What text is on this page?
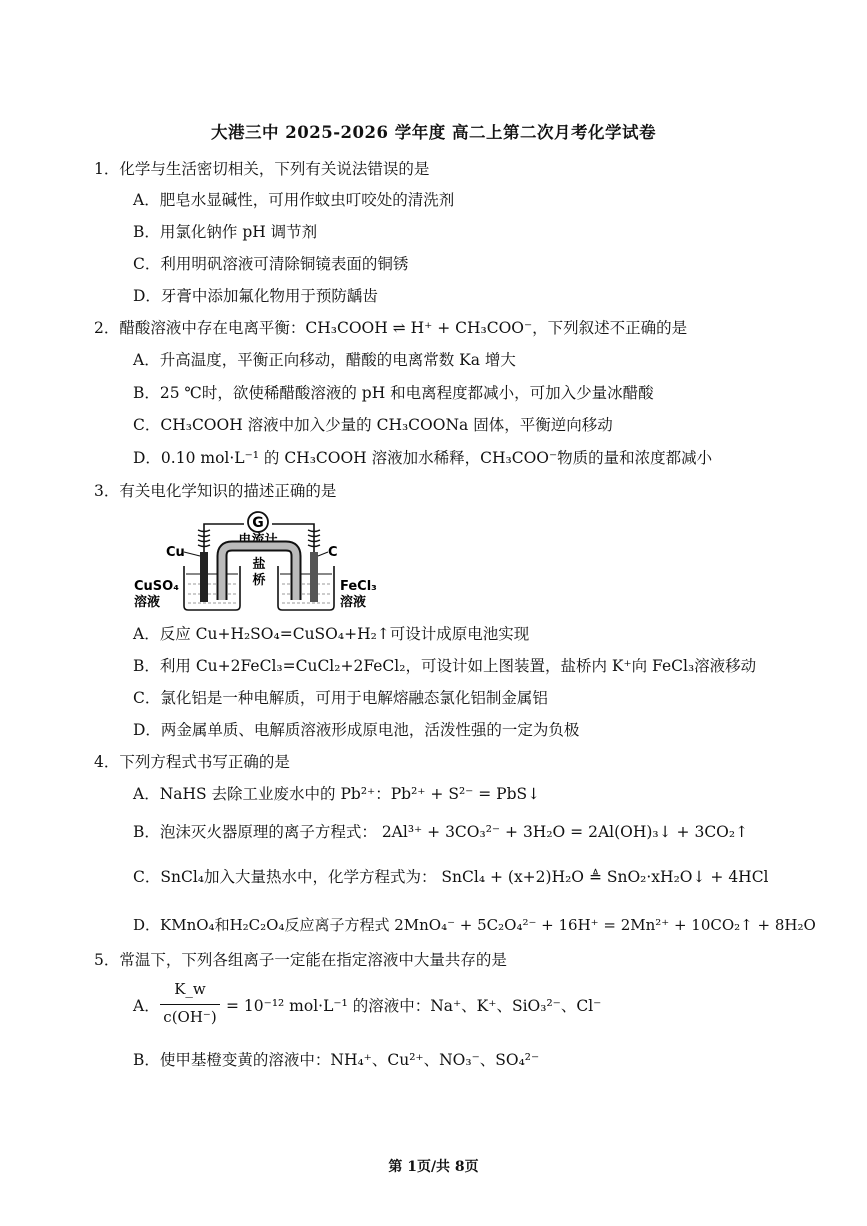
大港三中 2025-2026 学年度 高二上第二次月考化学试卷
1．化学与生活密切相关，下列有关说法错误的是
A．肥皂水显碱性，可用作蚊虫叮咬处的清洗剂
B．用氯化钠作 pH 调节剂
C．利用明矾溶液可清除铜镜表面的铜锈
D．牙膏中添加氟化物用于预防龋齿
2．醋酸溶液中存在电离平衡：CH₃COOH ⇌ H⁺ + CH₃COO⁻，下列叙述不正确的是
A．升高温度，平衡正向移动，醋酸的电离常数 Ka 增大
B．25 ℃时，欲使稀醋酸溶液的 pH 和电离程度都减小，可加入少量冰醋酸
C．CH₃COOH 溶液中加入少量的 CH₃COONa 固体，平衡逆向移动
D．0.10 mol·L⁻¹ 的 CH₃COOH 溶液加水稀释，CH₃COO⁻物质的量和浓度都减小
3．有关电化学知识的描述正确的是
G
电流计
盐
桥
Cu	C
CuSO₄
溶液
FeCl₃
溶液
A．反应 Cu+H₂SO₄=CuSO₄+H₂↑可设计成原电池实现
B．利用 Cu+2FeCl₃=CuCl₂+2FeCl₂，可设计如上图装置，盐桥内 K⁺向 FeCl₃溶液移动
C．氯化铝是一种电解质，可用于电解熔融态氯化铝制金属铝
D．两金属单质、电解质溶液形成原电池，活泼性强的一定为负极
4．下列方程式书写正确的是
A．NaHS 去除工业废水中的 Pb²⁺：Pb²⁺ + S²⁻ = PbS↓
B．泡沫灭火器原理的离子方程式： 2Al³⁺ + 3CO₃²⁻ + 3H₂O = 2Al(OH)₃↓ + 3CO₂↑
C．SnCl₄加入大量热水中，化学方程式为： SnCl₄ + (x+2)H₂O ≜ SnO₂·xH₂O↓ + 4HCl
D．KMnO₄和H₂C₂O₄反应离子方程式 2MnO₄⁻ + 5C₂O₄²⁻ + 16H⁺ = 2Mn²⁺ + 10CO₂↑ + 8H₂O
5．常温下，下列各组离子一定能在指定溶液中大量共存的是
A．
K_w
c(OH⁻)
= 10⁻¹² mol·L⁻¹ 的溶液中：Na⁺、K⁺、SiO₃²⁻、Cl⁻
B．使甲基橙变黄的溶液中：NH₄⁺、Cu²⁺、NO₃⁻、SO₄²⁻
第 1页/共 8页
